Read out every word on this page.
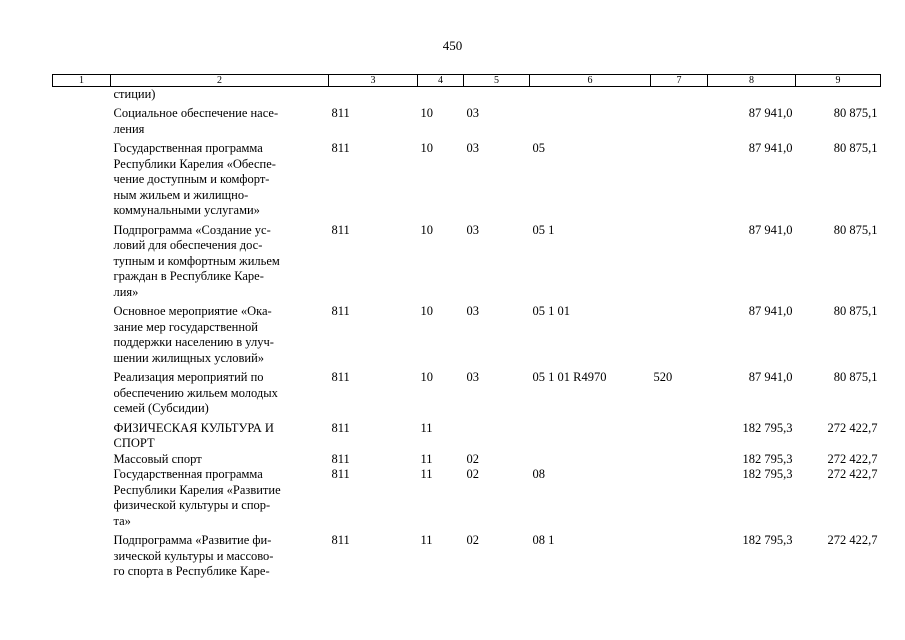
450
1	2	3	4	5	6	7	8	9
	стиции)							
	Социальное обеспечение насе-
ления	811	10	03			87 941,0	80 875,1
	Государственная программа
Республики Карелия «Обеспе-
чение доступным и комфорт-
ным жильем и жилищно-
коммунальными услугами»	811	10	03	05		87 941,0	80 875,1
	Подпрограмма «Создание ус-
ловий для обеспечения дос-
тупным и комфортным жильем
граждан в Республике Каре-
лия»	811	10	03	05 1		87 941,0	80 875,1
	Основное мероприятие «Ока-
зание мер государственной
поддержки населению в улуч-
шении жилищных условий»	811	10	03	05 1 01		87 941,0	80 875,1
	Реализация мероприятий по
обеспечению жильем молодых
семей (Субсидии)	811	10	03	05 1 01 R4970	520	87 941,0	80 875,1
	ФИЗИЧЕСКАЯ КУЛЬТУРА И
СПОРТ	811	11				182 795,3	272 422,7
	Массовый спорт	811	11	02			182 795,3	272 422,7
	Государственная программа
Республики Карелия «Развитие
физической культуры и спор-
та»	811	11	02	08		182 795,3	272 422,7
	Подпрограмма «Развитие фи-
зической культуры и массово-
го спорта в Республике Каре-	811	11	02	08 1		182 795,3	272 422,7
